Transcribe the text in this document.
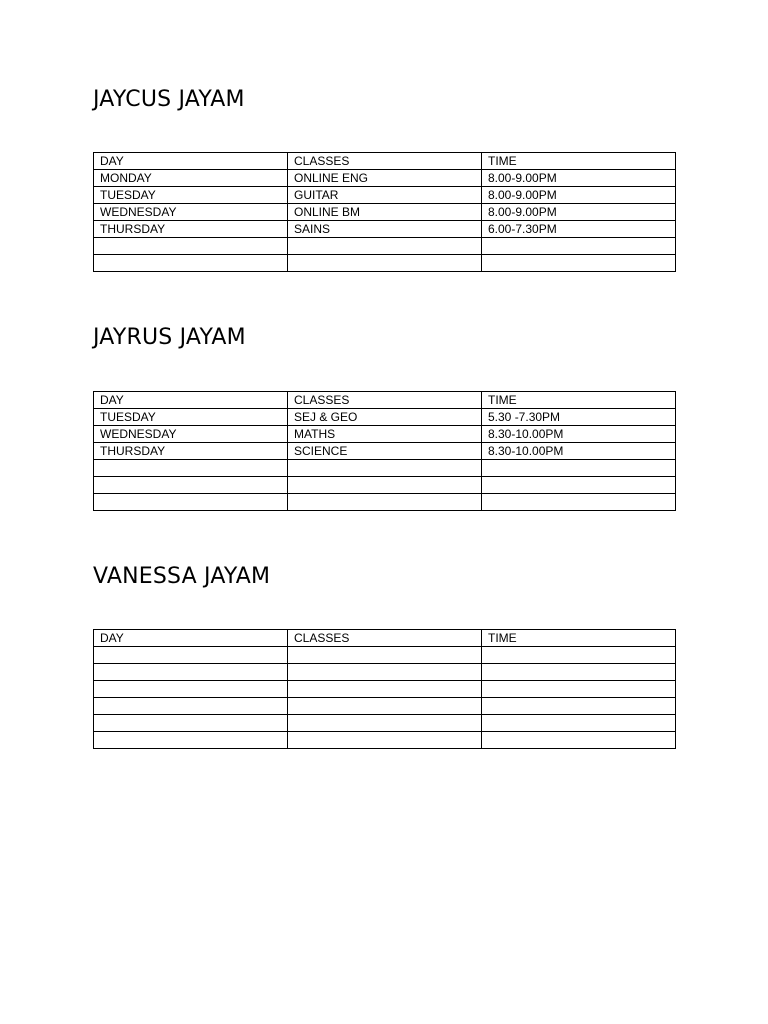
JAYCUS JAYAM
DAY	CLASSES	TIME
MONDAY	ONLINE ENG	8.00-9.00PM
TUESDAY	GUITAR	8.00-9.00PM
WEDNESDAY	ONLINE BM	8.00-9.00PM
THURSDAY	SAINS	6.00-7.30PM

JAYRUS JAYAM
DAY	CLASSES	TIME
TUESDAY	SEJ & GEO	5.30 -7.30PM
WEDNESDAY	MATHS	8.30-10.00PM
THURSDAY	SCIENCE	8.30-10.00PM

VANESSA JAYAM
DAY	CLASSES	TIME
